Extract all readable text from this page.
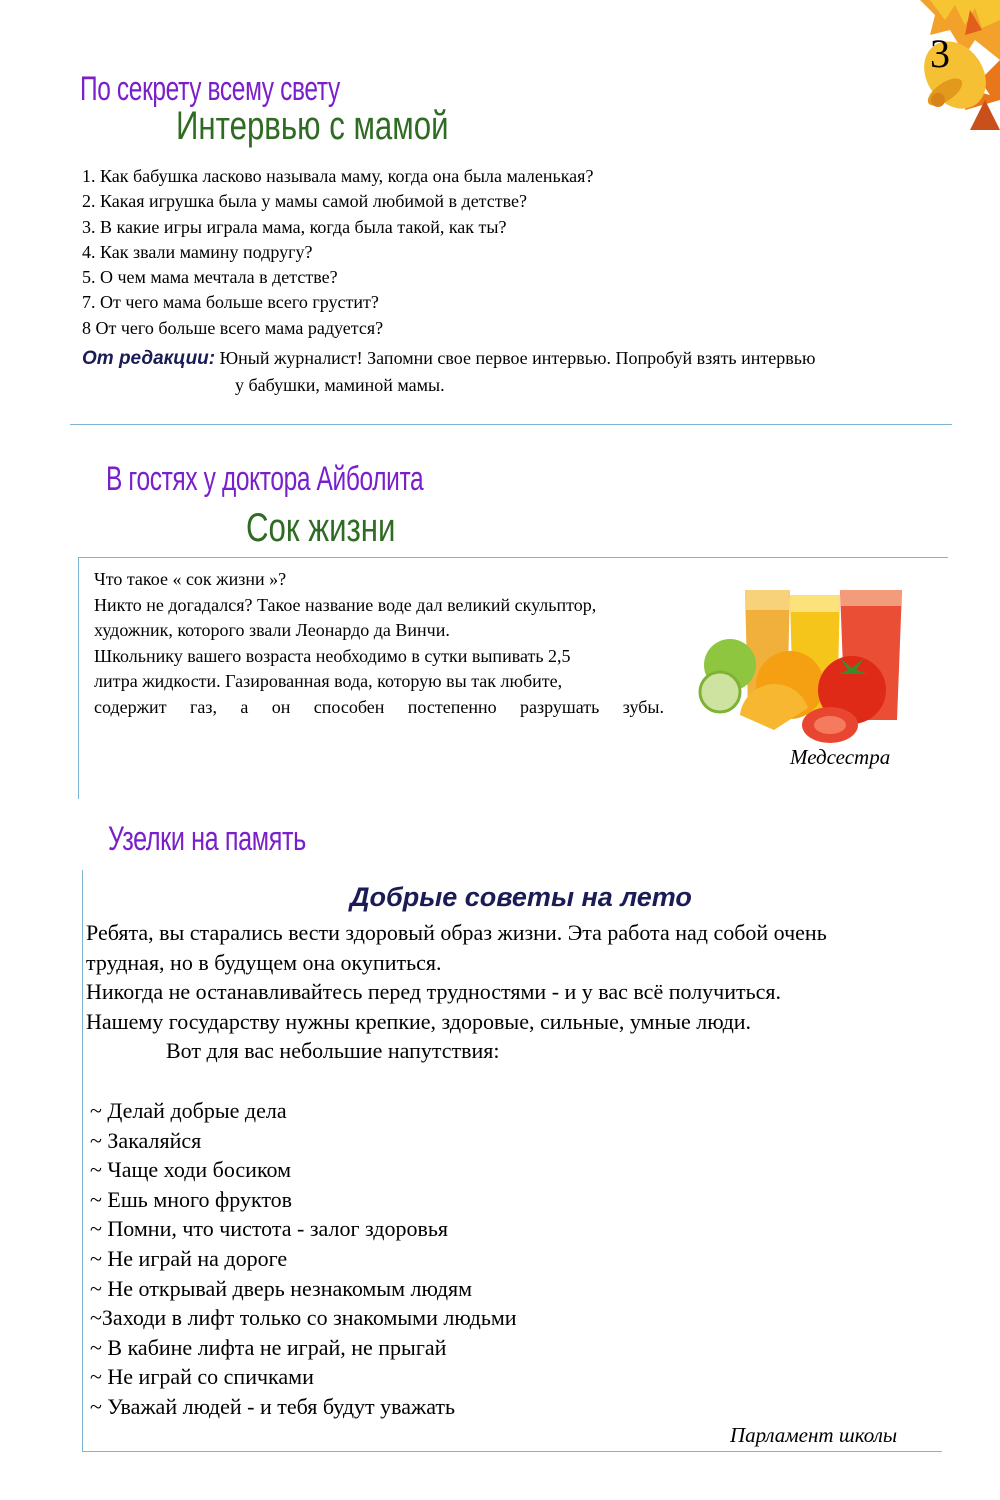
3
По секрету всему свету
Интервью с мамой
1. Как бабушка ласково называла маму, когда она была маленькая?
2. Какая игрушка была у мамы самой любимой в детстве?
3. В какие игры играла мама, когда была такой, как ты?
4. Как звали мамину подругу?
5. О чем мама мечтала в детстве?
7. От чего мама больше всего грустит?
8 От чего больше всего мама радуется?
От редакции: Юный журналист! Запомни свое первое интервью. Попробуй взять интервью
у бабушки, маминой мамы.
В гостях у доктора Айболита
Сок жизни

Что такое « сок жизни »?

Никто не догадался? Такое название воде дал великий скульптор,

художник, которого звали Леонардо да Винчи.

Школьнику вашего возраста необходимо в сутки выпивать 2,5

литра жидкости. Газированная вода, которую вы так любите,

содержит газ, а он способен постепенно разрушать зубы.

Медсестра
Узелки на память
Добрые советы на лето

Ребята, вы старались вести здоровый образ жизни. Эта работа над собой очень

трудная, но в будущем она окупиться.

Никогда не останавливайтесь перед трудностями - и у вас всё получиться.

Нашему государству нужны крепкие, здоровые, сильные, умные люди.

Вот для вас небольшие напутствия:

~ Делай добрые дела
~ Закаляйся
~ Чаще ходи босиком
~ Ешь много фруктов
~ Помни, что чистота - залог здоровья
~ Не играй на дороге
~ Не открывай дверь незнакомым людям
~Заходи в лифт только со знакомыми людьми
~ В кабине лифта не играй, не прыгай
~ Не играй со спичками
~ Уважай людей - и тебя будут уважать
Парламент школы
